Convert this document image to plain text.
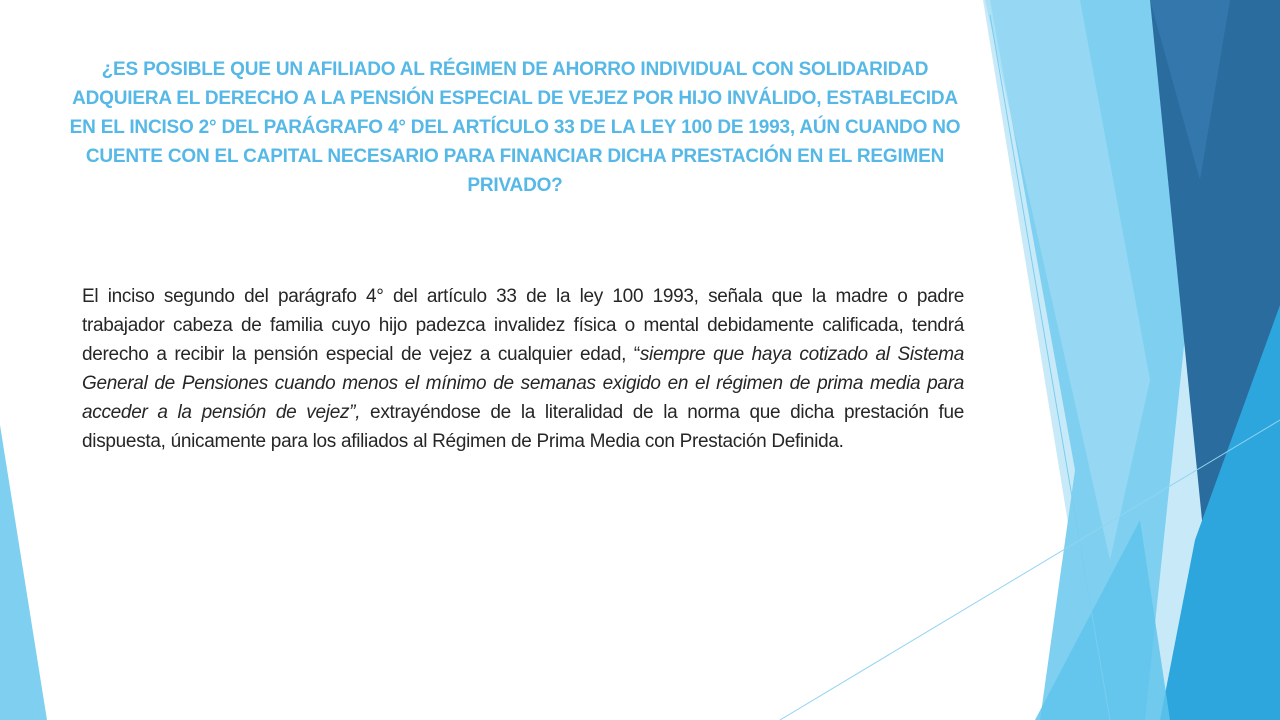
¿ES POSIBLE QUE UN AFILIADO AL RÉGIMEN DE AHORRO INDIVIDUAL CON SOLIDARIDAD ADQUIERA EL DERECHO A LA PENSIÓN ESPECIAL DE VEJEZ POR HIJO INVÁLIDO, ESTABLECIDA EN EL INCISO 2° DEL PARÁGRAFO 4° DEL ARTÍCULO 33 DE LA LEY 100 DE 1993, AÚN CUANDO NO CUENTE CON EL CAPITAL NECESARIO PARA FINANCIAR DICHA PRESTACIÓN EN EL REGIMEN PRIVADO?

El inciso segundo del parágrafo 4° del artículo 33 de la ley 100 1993, señala que la madre o padre trabajador cabeza de familia cuyo hijo padezca invalidez física o mental debidamente calificada, tendrá derecho a recibir la pensión especial de vejez a cualquier edad, “siempre que haya cotizado al Sistema General de Pensiones cuando menos el mínimo de semanas exigido en el régimen de prima media para acceder a la pensión de vejez”, extrayéndose de la literalidad de la norma que dicha prestación fue dispuesta, únicamente para los afiliados al Régimen de Prima Media con Prestación Definida.
